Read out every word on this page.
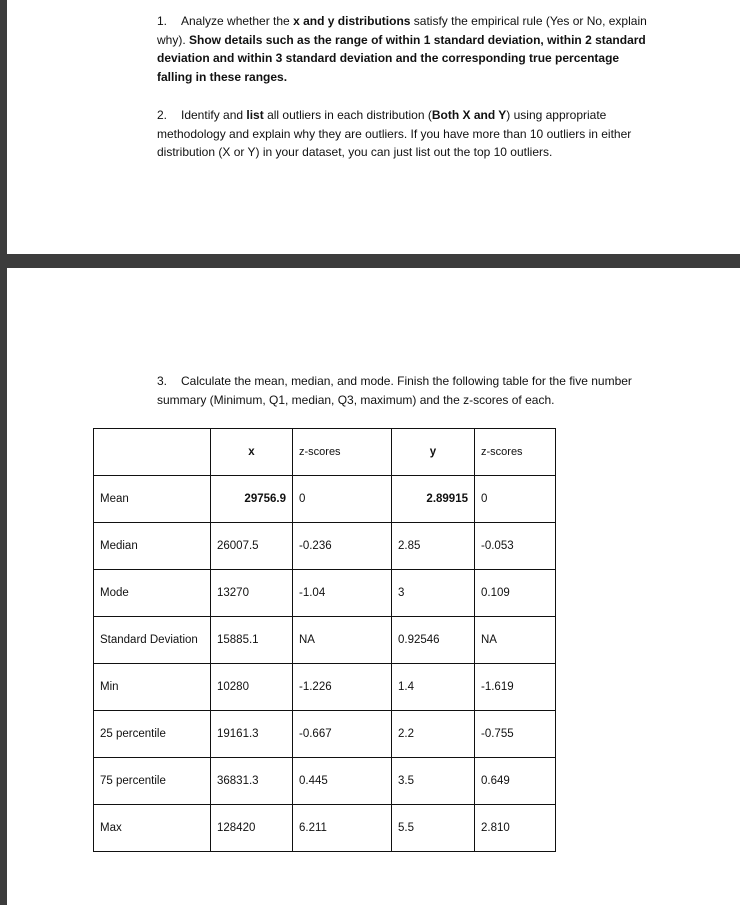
1. Analyze whether the x and y distributions satisfy the empirical rule (Yes or No, explain why). Show details such as the range of within 1 standard deviation, within 2 standard deviation and within 3 standard deviation and the corresponding true percentage falling in these ranges.

2. Identify and list all outliers in each distribution (Both X and Y) using appropriate methodology and explain why they are outliers. If you have more than 10 outliers in either distribution (X or Y) in your dataset, you can just list out the top 10 outliers.

3. Calculate the mean, median, and mode. Finish the following table for the five number summary (Minimum, Q1, median, Q3, maximum) and the z-scores of each.

	x	z-scores	y	z-scores
Mean	29756.9	0	2.89915	0
Median	26007.5	-0.236	2.85	-0.053
Mode	13270	-1.04	3	0.109
Standard Deviation	15885.1	NA	0.92546	NA
Min	10280	-1.226	1.4	-1.619
25 percentile	19161.3	-0.667	2.2	-0.755
75 percentile	36831.3	0.445	3.5	0.649
Max	128420	6.211	5.5	2.810
